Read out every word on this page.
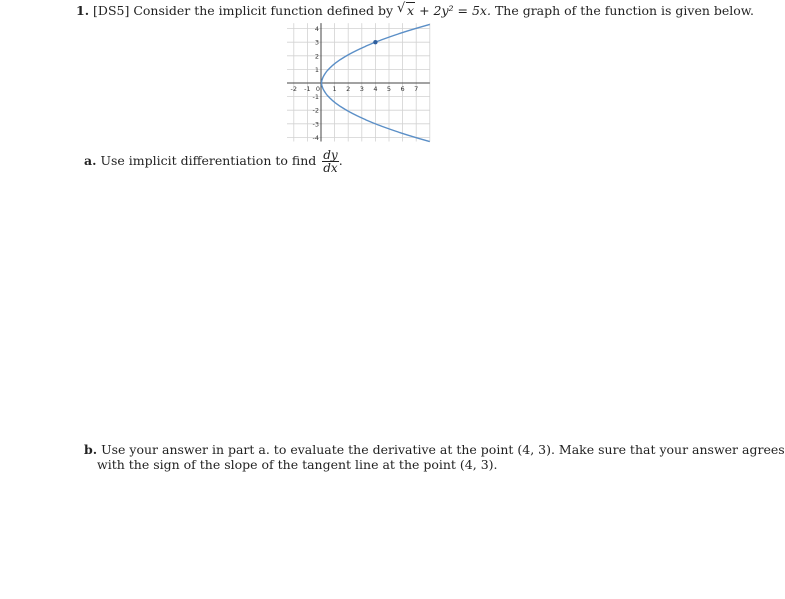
1. [DS5] Consider the implicit function defined by √ x + 2y² = 5x. The graph of the function is given below.
-2 -1 0 1 2 3 4 5 6 7
4
3
2
1
-1
-2
-3
-4
a. Use implicit differentiation to find $\frac{dy}{dx}$ .
b. Use your answer in part a. to evaluate the derivative at the point (4, 3). Make sure that your answer agrees
with the sign of the slope of the tangent line at the point (4, 3).
